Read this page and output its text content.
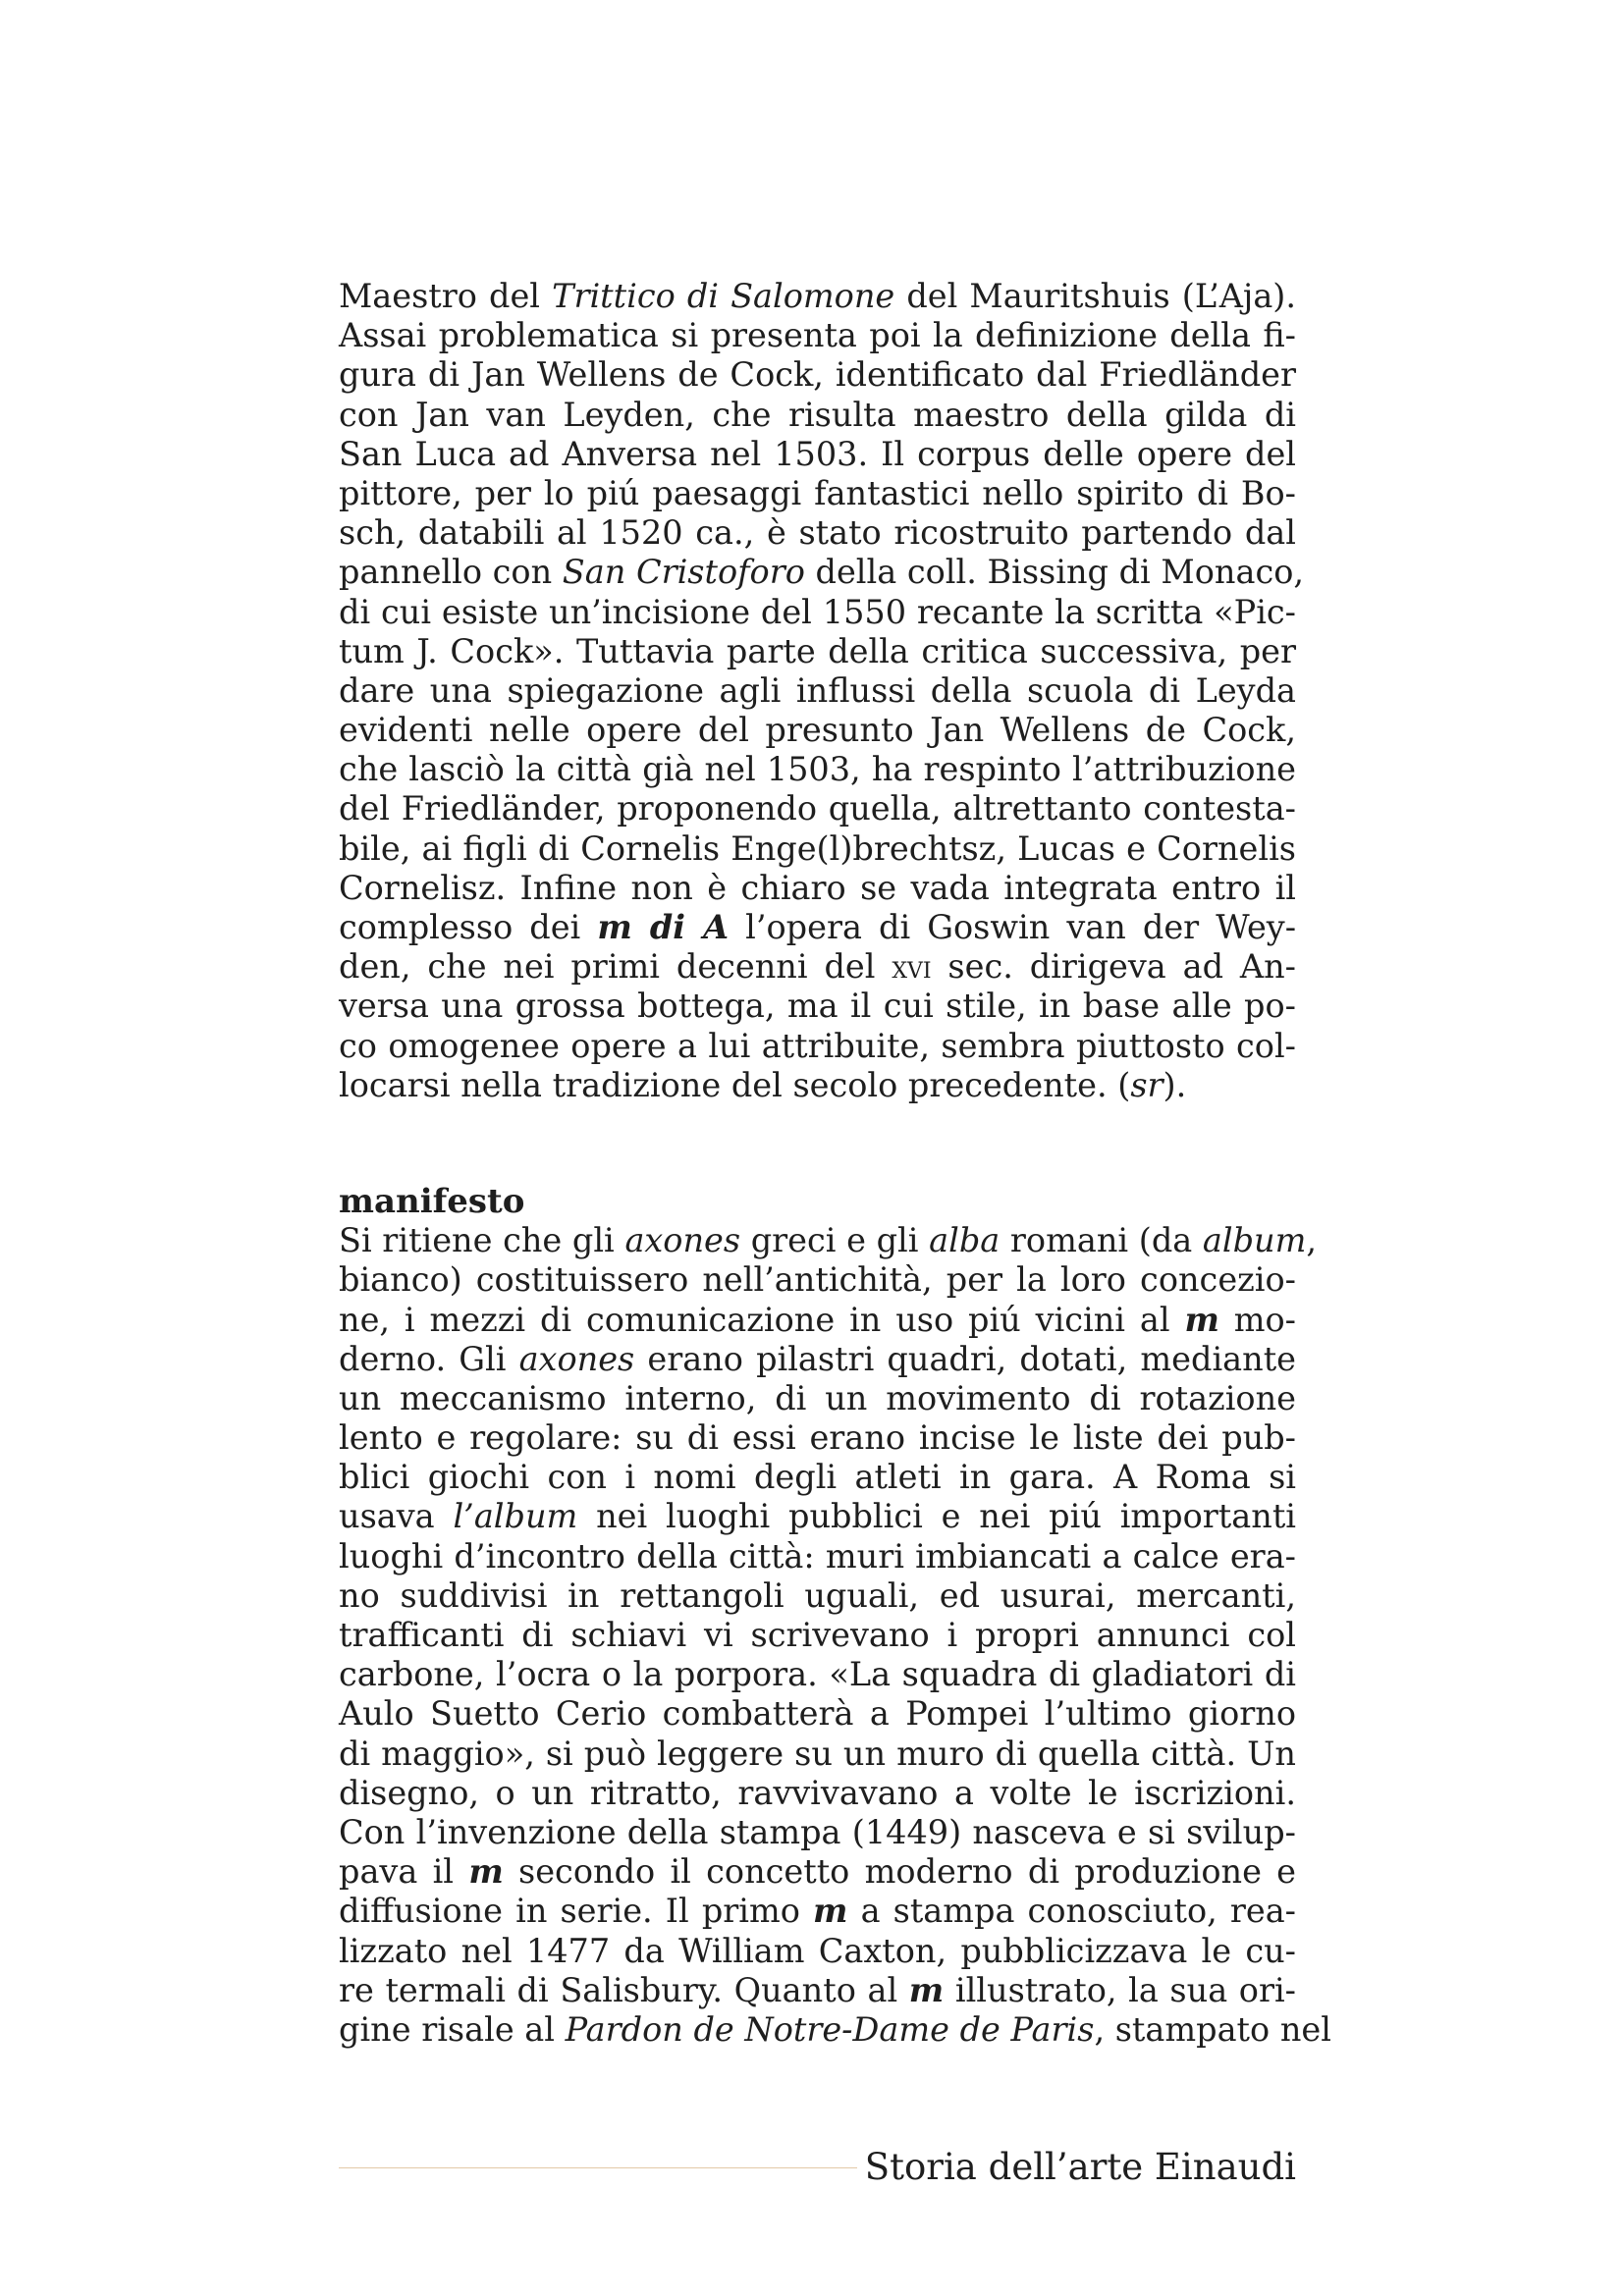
Maestro del Trittico di Salomone del Mauritshuis (L’Aja).
Assai problematica si presenta poi la definizione della fi-
gura di Jan Wellens de Cock, identificato dal Friedländer
con Jan van Leyden, che risulta maestro della gilda di
San Luca ad Anversa nel 1503. Il corpus delle opere del
pittore, per lo piú paesaggi fantastici nello spirito di Bo-
sch, databili al 1520 ca., è stato ricostruito partendo dal
pannello con San Cristoforo della coll. Bissing di Monaco,
di cui esiste un’incisione del 1550 recante la scritta «Pic-
tum J. Cock». Tuttavia parte della critica successiva, per
dare una spiegazione agli influssi della scuola di Leyda
evidenti nelle opere del presunto Jan Wellens de Cock,
che lasciò la città già nel 1503, ha respinto l’attribuzione
del Friedländer, proponendo quella, altrettanto contesta-
bile, ai figli di Cornelis Enge(l)brechtsz, Lucas e Cornelis
Cornelisz. Infine non è chiaro se vada integrata entro il
complesso dei m di A l’opera di Goswin van der Wey-
den, che nei primi decenni del xvi sec. dirigeva ad An-
versa una grossa bottega, ma il cui stile, in base alle po-
co omogenee opere a lui attribuite, sembra piuttosto col-
locarsi nella tradizione del secolo precedente. (sr).
manifesto
Si ritiene che gli axones greci e gli alba romani (da album,
bianco) costituissero nell’antichità, per la loro concezio-
ne, i mezzi di comunicazione in uso piú vicini al m mo-
derno. Gli axones erano pilastri quadri, dotati, mediante
un meccanismo interno, di un movimento di rotazione
lento e regolare: su di essi erano incise le liste dei pub-
blici giochi con i nomi degli atleti in gara. A Roma si
usava l’album nei luoghi pubblici e nei piú importanti
luoghi d’incontro della città: muri imbiancati a calce era-
no suddivisi in rettangoli uguali, ed usurai, mercanti,
trafficanti di schiavi vi scrivevano i propri annunci col
carbone, l’ocra o la porpora. «La squadra di gladiatori di
Aulo Suetto Cerio combatterà a Pompei l’ultimo giorno
di maggio», si può leggere su un muro di quella città. Un
disegno, o un ritratto, ravvivavano a volte le iscrizioni.
Con l’invenzione della stampa (1449) nasceva e si svilup-
pava il m secondo il concetto moderno di produzione e
diffusione in serie. Il primo m a stampa conosciuto, rea-
lizzato nel 1477 da William Caxton, pubblicizzava le cu-
re termali di Salisbury. Quanto al m illustrato, la sua ori-
gine risale al Pardon de Notre-Dame de Paris, stampato nel
Storia dell’arte Einaudi
